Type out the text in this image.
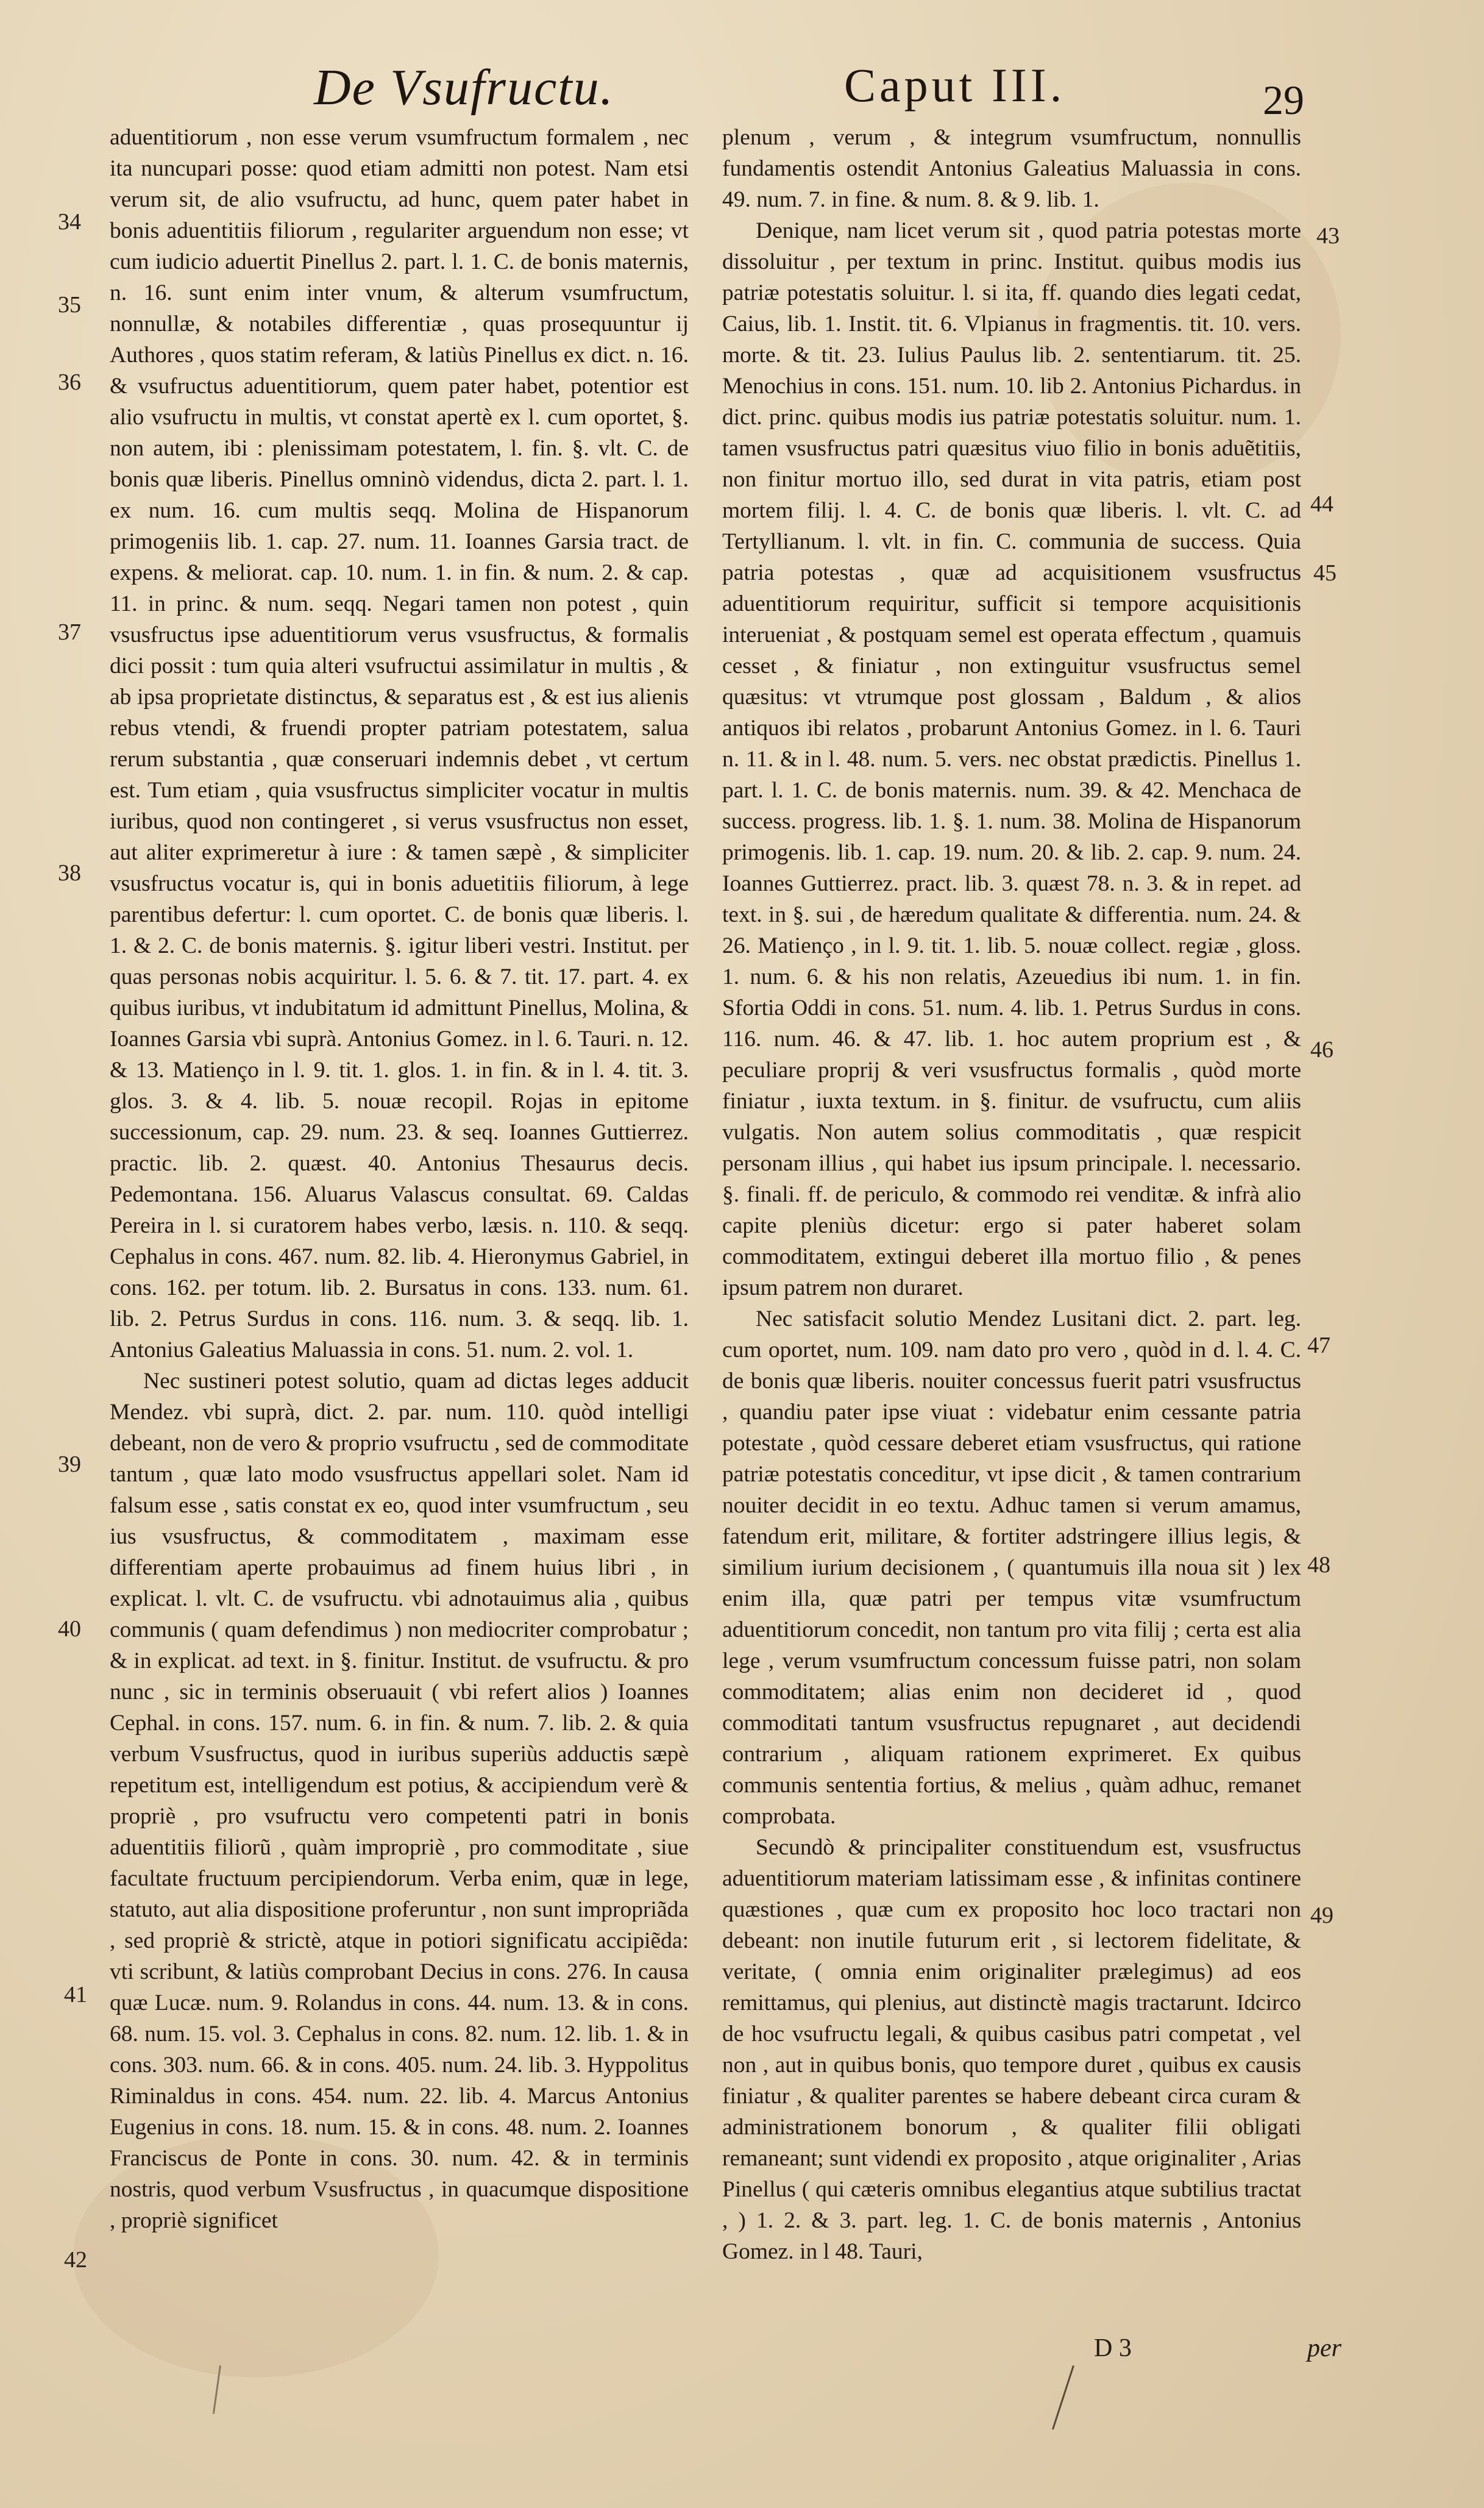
De Vsufructu.	Caput III.	29

aduentitiorum , non esse verum vsumfructum formalem , nec ita nuncupari posse: quod etiam admitti non potest. Nam etsi verum sit, de alio vsufructu, ad hunc, quem pater habet in bonis aduentitiis filiorum , regulariter arguendum non esse; vt cum iudicio aduertit Pinellus 2. part. l. 1. C. de bonis maternis, n. 16. sunt enim inter vnum, & alterum vsumfructum, nonnullæ, & notabiles differentiæ , quas prosequuntur ij Authores , quos statim referam, & latiùs Pinellus ex dict. n. 16. & vsufructus aduentitiorum, quem pater habet, potentior est alio vsufructu in multis, vt constat apertè ex l. cum oportet, §. non autem, ibi : plenissimam potestatem, l. fin. §. vlt. C. de bonis quæ liberis. Pinellus omninò videndus, dicta 2. part. l. 1. ex num. 16. cum multis seqq. Molina de Hispanorum primogeniis lib. 1. cap. 27. num. 11. Ioannes Garsia tract. de expens. & meliorat. cap. 10. num. 1. in fin. & num. 2. & cap. 11. in princ. & num. seqq. Negari tamen non potest , quin vsusfructus ipse aduentitiorum verus vsusfructus, & formalis dici possit : tum quia alteri vsufructui assimilatur in multis , & ab ipsa proprietate distinctus, & separatus est , & est ius alienis rebus vtendi, & fruendi propter patriam potestatem, salua rerum substantia , quæ conseruari indemnis debet , vt certum est. Tum etiam , quia vsusfructus simpliciter vocatur in multis iuribus, quod non contingeret , si verus vsusfructus non esset, aut aliter exprimeretur à iure : & tamen sæpè , & simpliciter vsusfructus vocatur is, qui in bonis aduetitiis filiorum, à lege parentibus defertur: l. cum oportet. C. de bonis quæ liberis. l. 1. & 2. C. de bonis maternis. §. igitur liberi vestri. Institut. per quas personas nobis acquiritur. l. 5. 6. & 7. tit. 17. part. 4. ex quibus iuribus, vt indubitatum id admittunt Pinellus, Molina, & Ioannes Garsia vbi suprà. Antonius Gomez. in l. 6. Tauri. n. 12. & 13. Matienço in l. 9. tit. 1. glos. 1. in fin. & in l. 4. tit. 3. glos. 3. & 4. lib. 5. nouæ recopil. Rojas in epitome successionum, cap. 29. num. 23. & seq. Ioannes Guttierrez. practic. lib. 2. quæst. 40. Antonius Thesaurus decis. Pedemontana. 156. Aluarus Valascus consultat. 69. Caldas Pereira in l. si curatorem habes verbo, læsis. n. 110. & seqq. Cephalus in cons. 467. num. 82. lib. 4. Hieronymus Gabriel, in cons. 162. per totum. lib. 2. Bursatus in cons. 133. num. 61. lib. 2. Petrus Surdus in cons. 116. num. 3. & seqq. lib. 1. Antonius Galeatius Maluassia in cons. 51. num. 2. vol. 1.

Nec sustineri potest solutio, quam ad dictas leges adducit Mendez. vbi suprà, dict. 2. par. num. 110. quòd intelligi debeant, non de vero & proprio vsufructu , sed de commoditate tantum , quæ lato modo vsusfructus appellari solet. Nam id falsum esse , satis constat ex eo, quod inter vsumfructum , seu ius vsusfructus, & commoditatem , maximam esse differentiam aperte probauimus ad finem huius libri , in explicat. l. vlt. C. de vsufructu. vbi adnotauimus alia , quibus communis ( quam defendimus ) non mediocriter comprobatur ; & in explicat. ad text. in §. finitur. Institut. de vsufructu. & pro nunc , sic in terminis obseruauit ( vbi refert alios ) Ioannes Cephal. in cons. 157. num. 6. in fin. & num. 7. lib. 2. & quia verbum Vsusfructus, quod in iuribus superiùs adductis sæpè repetitum est, intelligendum est potius, & accipiendum verè & propriè , pro vsufructu vero competenti patri in bonis aduentitiis filiorũ , quàm impropriè , pro commoditate , siue facultate fructuum percipiendorum. Verba enim, quæ in lege, statuto, aut alia dispositione proferuntur , non sunt impropriãda , sed propriè & strictè, atque in potiori significatu accipiẽda: vti scribunt, & latiùs comprobant Decius in cons. 276. In causa quæ Lucæ. num. 9. Rolandus in cons. 44. num. 13. & in cons. 68. num. 15. vol. 3. Cephalus in cons. 82. num. 12. lib. 1. & in cons. 303. num. 66. & in cons. 405. num. 24. lib. 3. Hyppolitus Riminaldus in cons. 454. num. 22. lib. 4. Marcus Antonius Eugenius in cons. 18. num. 15. & in cons. 48. num. 2. Ioannes Franciscus de Ponte in cons. 30. num. 42. & in terminis nostris, quod verbum Vsusfructus , in quacumque dispositione , propriè significet

plenum , verum , & integrum vsumfructum, nonnullis fundamentis ostendit Antonius Galeatius Maluassia in cons. 49. num. 7. in fine. & num. 8. & 9. lib. 1.

Denique, nam licet verum sit , quod patria potestas morte dissoluitur , per textum in princ. Institut. quibus modis ius patriæ potestatis soluitur. l. si ita, ff. quando dies legati cedat, Caius, lib. 1. Instit. tit. 6. Vlpianus in fragmentis. tit. 10. vers. morte. & tit. 23. Iulius Paulus lib. 2. sententiarum. tit. 25. Menochius in cons. 151. num. 10. lib 2. Antonius Pichardus. in dict. princ. quibus modis ius patriæ potestatis soluitur. num. 1. tamen vsusfructus patri quæsitus viuo filio in bonis aduẽtitiis, non finitur mortuo illo, sed durat in vita patris, etiam post mortem filij. l. 4. C. de bonis quæ liberis. l. vlt. C. ad Tertyllianum. l. vlt. in fin. C. communia de success. Quia patria potestas , quæ ad acquisitionem vsusfructus aduentitiorum requiritur, sufficit si tempore acquisitionis interueniat , & postquam semel est operata effectum , quamuis cesset , & finiatur , non extinguitur vsusfructus semel quæsitus: vt vtrumque post glossam , Baldum , & alios antiquos ibi relatos , probarunt Antonius Gomez. in l. 6. Tauri n. 11. & in l. 48. num. 5. vers. nec obstat prædictis. Pinellus 1. part. l. 1. C. de bonis maternis. num. 39. & 42. Menchaca de success. progress. lib. 1. §. 1. num. 38. Molina de Hispanorum primogenis. lib. 1. cap. 19. num. 20. & lib. 2. cap. 9. num. 24. Ioannes Guttierrez. pract. lib. 3. quæst 78. n. 3. & in repet. ad text. in §. sui , de hæredum qualitate & differentia. num. 24. & 26. Matienço , in l. 9. tit. 1. lib. 5. nouæ collect. regiæ , gloss. 1. num. 6. & his non relatis, Azeuedius ibi num. 1. in fin. Sfortia Oddi in cons. 51. num. 4. lib. 1. Petrus Surdus in cons. 116. num. 46. & 47. lib. 1. hoc autem proprium est , & peculiare proprij & veri vsusfructus formalis , quòd morte finiatur , iuxta textum. in §. finitur. de vsufructu, cum aliis vulgatis. Non autem solius commoditatis , quæ respicit personam illius , qui habet ius ipsum principale. l. necessario. §. finali. ff. de periculo, & commodo rei venditæ. & infrà alio capite pleniùs dicetur: ergo si pater haberet solam commoditatem, extingui deberet illa mortuo filio , & penes ipsum patrem non duraret.

Nec satisfacit solutio Mendez Lusitani dict. 2. part. leg. cum oportet, num. 109. nam dato pro vero , quòd in d. l. 4. C. de bonis quæ liberis. nouiter concessus fuerit patri vsusfructus , quandiu pater ipse viuat : videbatur enim cessante patria potestate , quòd cessare deberet etiam vsusfructus, qui ratione patriæ potestatis conceditur, vt ipse dicit , & tamen contrarium nouiter decidit in eo textu. Adhuc tamen si verum amamus, fatendum erit, militare, & fortiter adstringere illius legis, & similium iurium decisionem , ( quantumuis illa noua sit ) lex enim illa, quæ patri per tempus vitæ vsumfructum aduentitiorum concedit, non tantum pro vita filij ; certa est alia lege , verum vsumfructum concessum fuisse patri, non solam commoditatem; alias enim non decideret id , quod commoditati tantum vsusfructus repugnaret , aut decidendi contrarium , aliquam rationem exprimeret. Ex quibus communis sententia fortius, & melius , quàm adhuc, remanet comprobata.

Secundò & principaliter constituendum est, vsusfructus aduentitiorum materiam latissimam esse , & infinitas continere quæstiones , quæ cum ex proposito hoc loco tractari non debeant: non inutile futurum erit , si lectorem fidelitate, & veritate, ( omnia enim originaliter prælegimus) ad eos remittamus, qui plenius, aut distinctè magis tractarunt. Idcirco de hoc vsufructu legali, & quibus casibus patri competat , vel non , aut in quibus bonis, quo tempore duret , quibus ex causis finiatur , & qualiter parentes se habere debeant circa curam & administrationem bonorum , & qualiter filii obligati remaneant; sunt videndi ex proposito , atque originaliter , Arias Pinellus ( qui cæteris omnibus elegantius atque subtilius tractat , ) 1. 2. & 3. part. leg. 1. C. de bonis maternis , Antonius Gomez. in l 48. Tauri,

34
35
36
37
38
39
40
41
42
43
44
45
46
47
48
49
D 3	per
